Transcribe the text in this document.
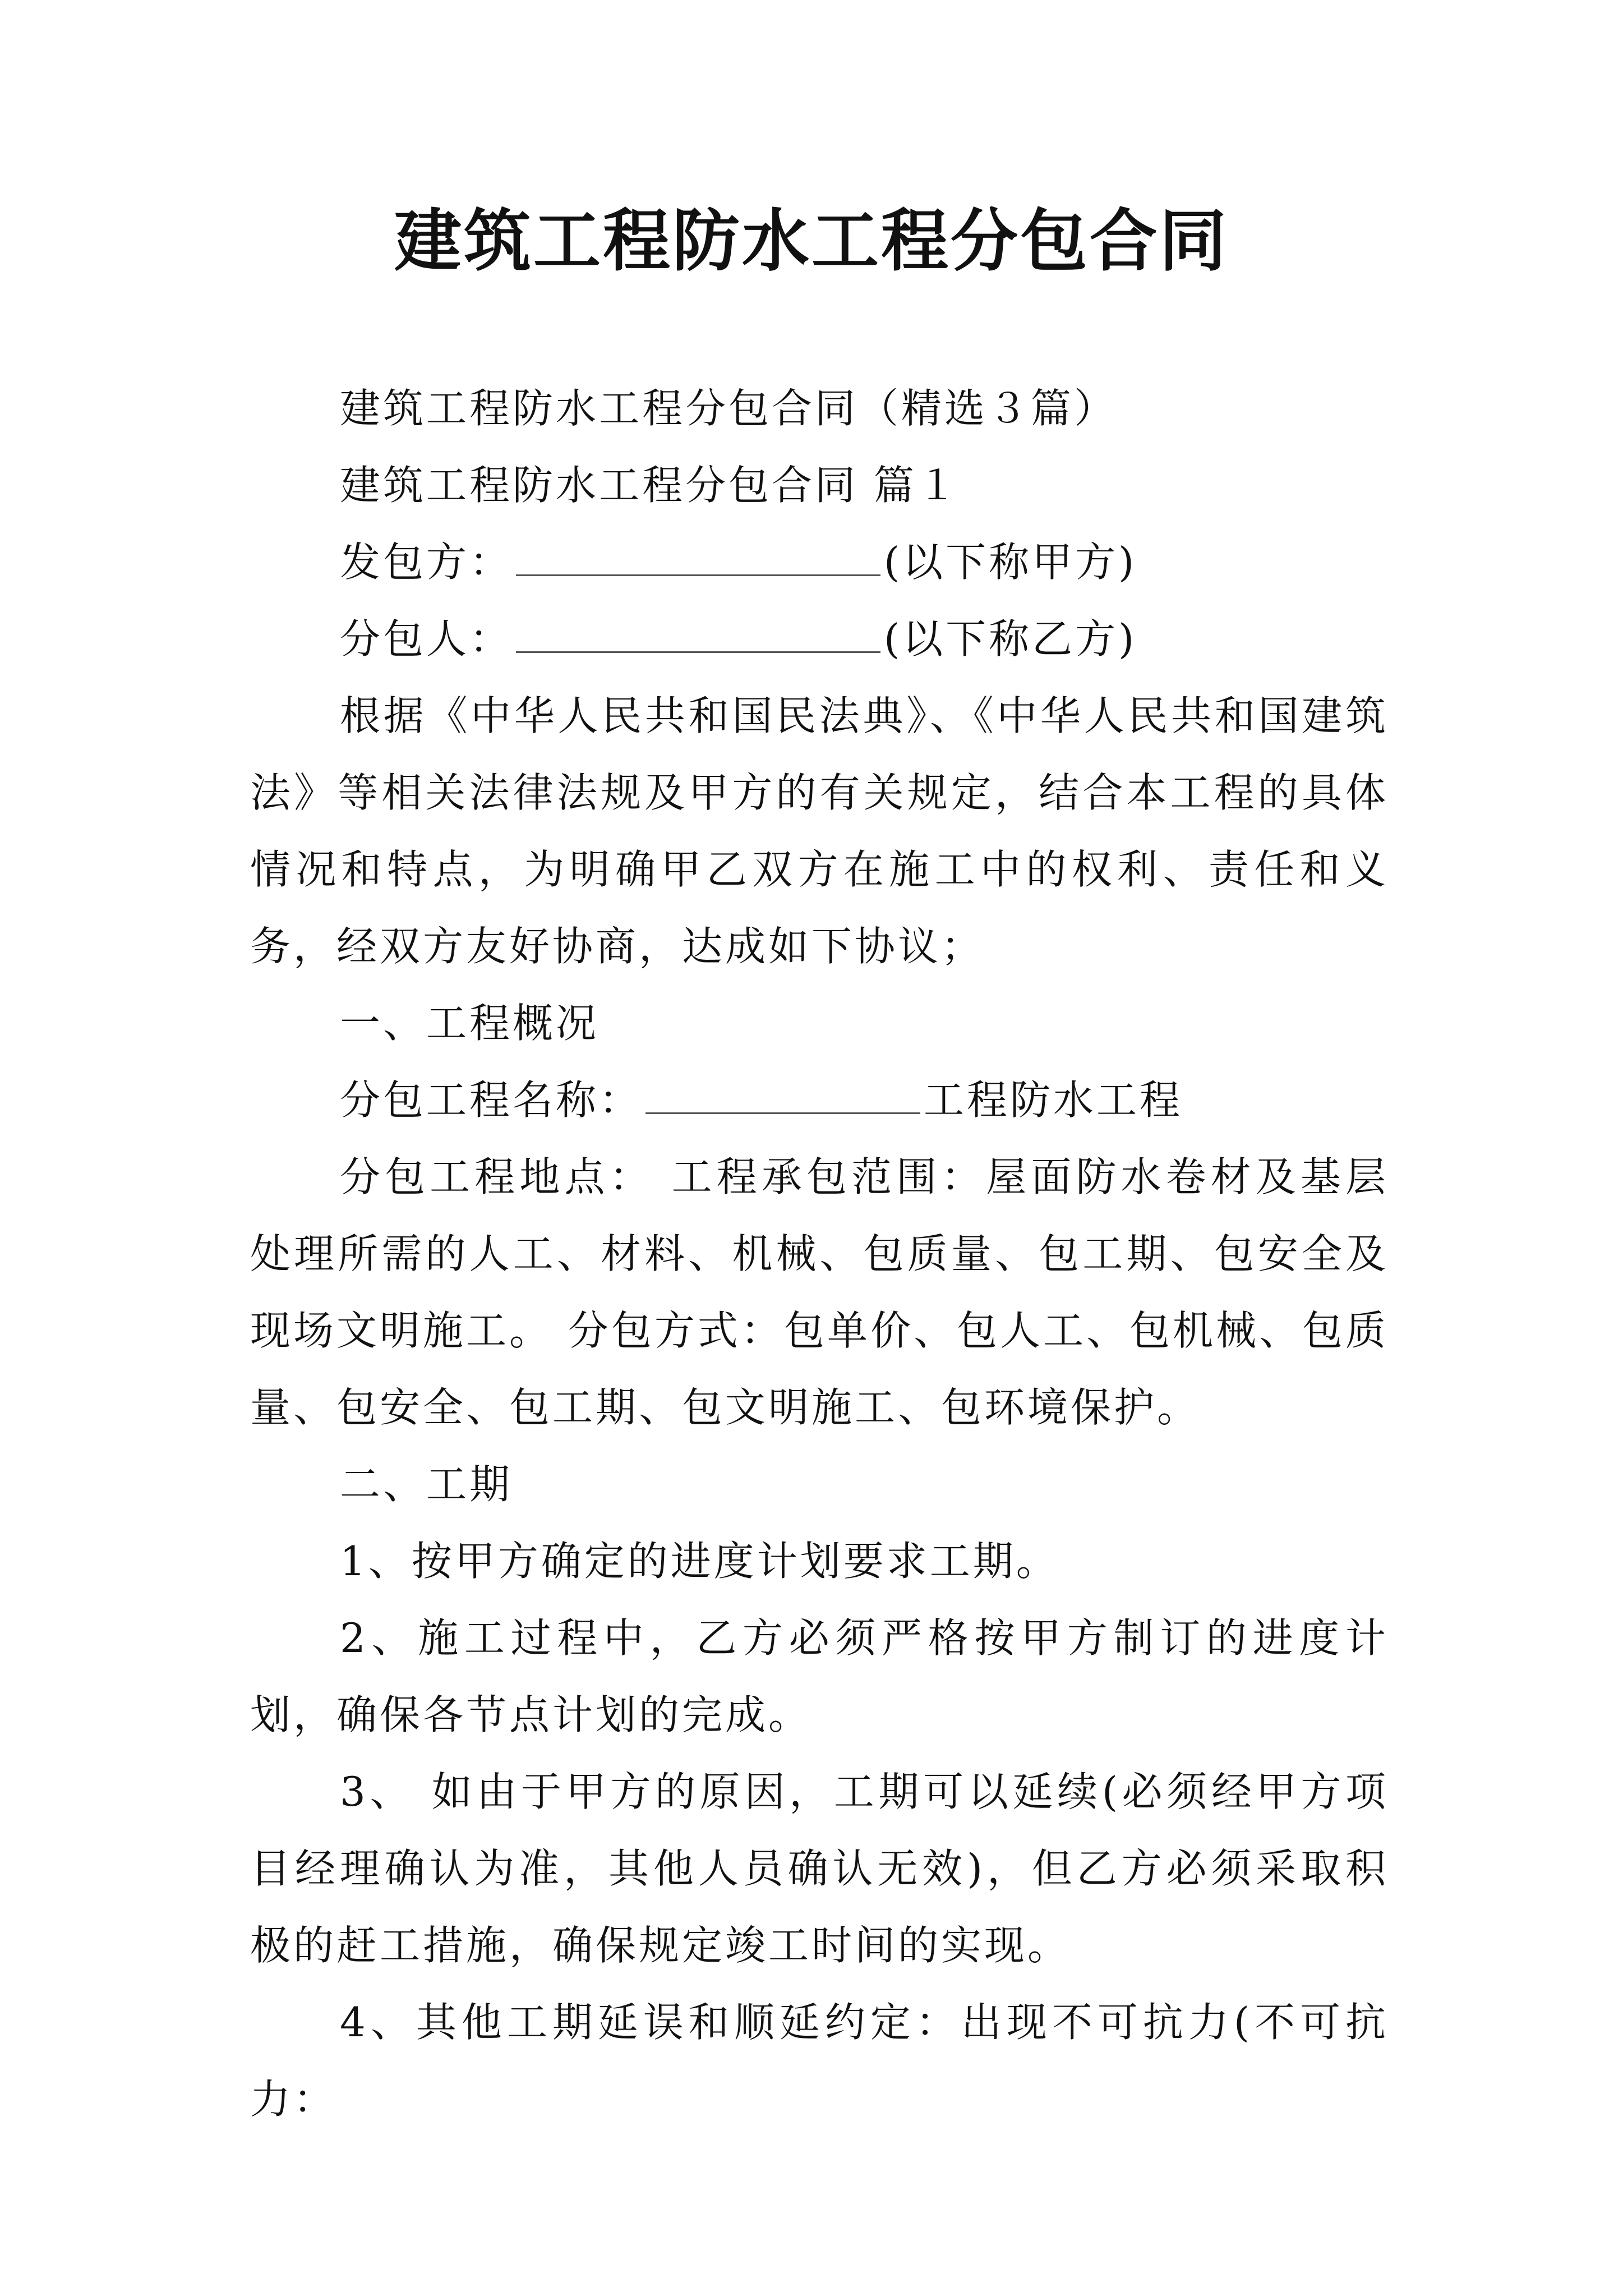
建筑工程防水工程分包合同

建筑工程防水工程分包合同（精选３篇）

建筑工程防水工程分包合同 篇１

发包方：	(以下称甲方)

分包人：	(以下称乙方)

根据《中华人民共和国民法典》、《中华人民共和国建筑法》等相关法律法规及甲方的有关规定，结合本工程的具体情况和特点，为明确甲乙双方在施工中的权利、责任和义务，经双方友好协商，达成如下协议；

一、工程概况

分包工程名称：	工程防水工程

分包工程地点： 工程承包范围：屋面防水卷材及基层处理所需的人工、材料、机械、包质量、包工期、包安全及现场文明施工。 分包方式：包单价、包人工、包机械、包质量、包安全、包工期、包文明施工、包环境保护。

二、工期

1、按甲方确定的进度计划要求工期。

2、施工过程中，乙方必须严格按甲方制订的进度计划，确保各节点计划的完成。

3、 如由于甲方的原因，工期可以延续(必须经甲方项目经理确认为准，其他人员确认无效)，但乙方必须采取积极的赶工措施，确保规定竣工时间的实现。

4、其他工期延误和顺延约定：出现不可抗力(不可抗力：
